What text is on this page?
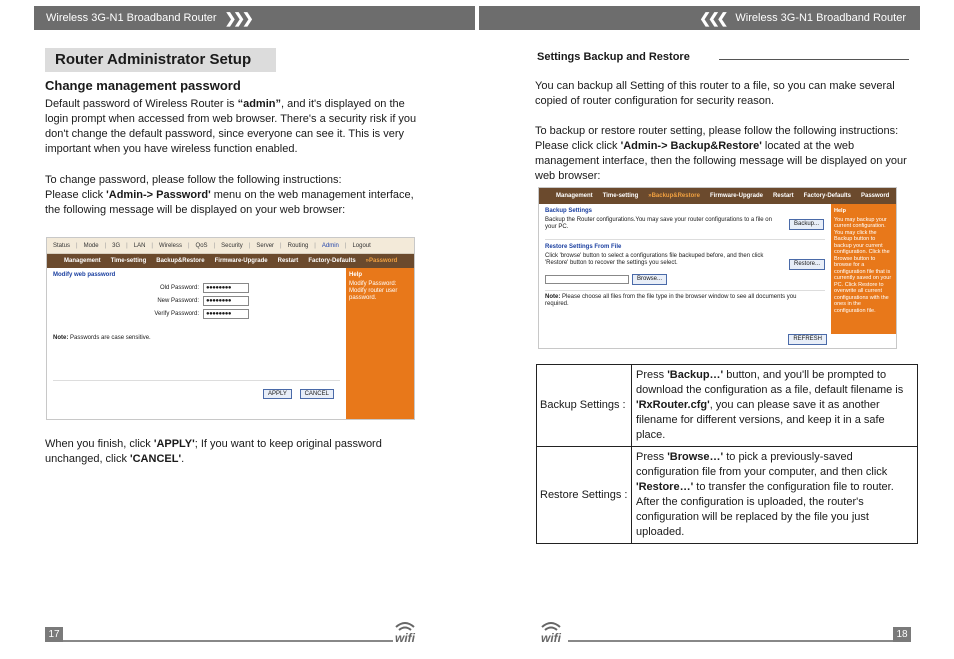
Wireless 3G-N1 Broadband Router ❯❯❯	❮❮❮ Wireless 3G-N1 Broadband Router
Router Administrator Setup
Change management password
Default password of Wireless Router is “admin”, and it's displayed on the login prompt when accessed from web browser. There's a security risk if you don't change the default password, since everyone can see it. This is very important when you have wireless function enabled.
To change password, please follow the following instructions:
Please click 'Admin-> Password' menu on the web management interface, the following message will be displayed on your web browser:
Status	|	Mode	|	3G	|	LAN	|	Wireless	|	QoS	|	Security	|	Server	|	Routing	|	Admin	|	Logout
Management	Time-setting	Backup&Restore	Firmware-Upgrade	Restart	Factory-Defaults	»Password
Modify web password
Old Password:	●●●●●●●●
New Password:	●●●●●●●●
Verify Password:	●●●●●●●●
Note: Passwords are case sensitive.
APPLY	CANCEL
Help
Modify Password: Modify router user password.
When you finish, click 'APPLY'; If you want to keep original password unchanged, click 'CANCEL'.
Settings Backup and Restore
You can backup all Setting of this router to a file, so you can make several copied of router configuration for security reason.
To backup or restore router setting, please follow the following instructions:
Please click click 'Admin-> Backup&Restore' located at the web management interface, then the following message will be displayed on your web browser:
Management	Time-setting	»Backup&Restore	Firmware-Upgrade	Restart	Factory-Defaults	Password
Backup Settings
Backup the Router configurations.You may save your router configurations to a file on your PC.	Backup...
Restore Settings From File
Click 'browse' button to select a configurations file backuped before, and then click 'Restore' button to recover the settings you select.	Restore...
Browse...
Note: Please choose all files from the file type in the browser window to see all documents you required.
REFRESH
Help
You may backup your current configuration. You may click the Backup button to backup your current configuration. Click the Browse button to browse for a configuration file that is currently saved on your PC. Click Restore to overwrite all current configurations with the ones in the configuration file.
Backup Settings :	Press 'Backup…' button, and you'll be prompted to download the configuration as a file, default filename is 'RxRouter.cfg', you can please save it as another filename for different versions, and keep it in a safe place.
Restore Settings :	Press 'Browse…' to pick a previously-saved configuration file from your computer, and then click 'Restore…' to transfer the configuration file to router. After the configuration is uploaded, the router's configuration will be replaced by the file you just uploaded.
17	wifi	wifi	18
